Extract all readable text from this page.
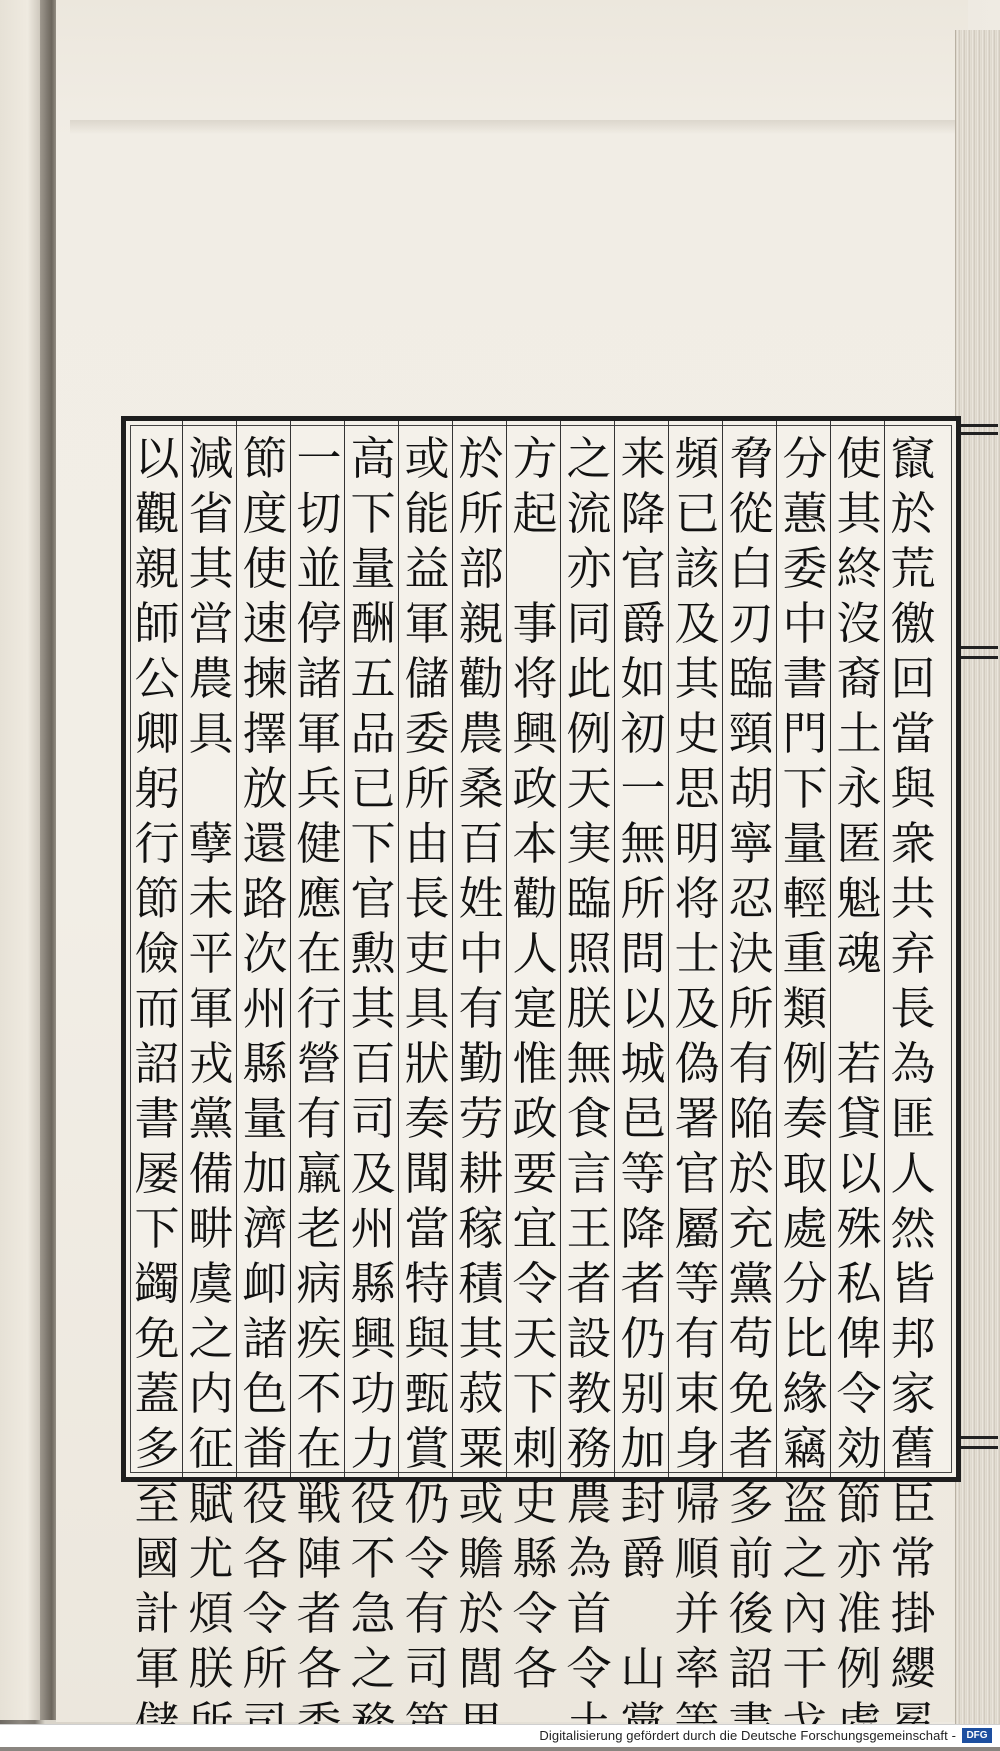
竄
於
荒
徼
回
當
與
衆
共
弃
長
為
匪
人
然
皆
邦
家
舊
臣
常
掛
纓
使
其
終
沒
裔
土
永
匿
魁
魂

若
貸
以
殊
私
俾
令
効
節
亦
准
例
分
蕙
委
中
書
門
下
量
輕
重
類
例
奏
取
處
分
比
緣
竊
盗
之
內
干
脅
從
白
刃
臨
頸
胡
寧
忍
決
所
有
陥
於
充
黨
苟
免
者
多
前
後
詔
頻
已
該
及
其
史
思
明
将
士
及
偽
署
官
屬
等
有
束
身
帰
順
并
率
来
降
官
爵
如
初
一
無
所
問
以
城
邑
等
降
者
仍
别
加
封
爵

山
之
流
亦
同
此
例
天
実
臨
照
朕
無
食
言
王
者
設
教
務
農
為
首
令
方
起

事
将
興
政
本
勸
人
寔
惟
政
要
宜
令
天
下
刺
史
縣
令
各
於
所
部
親
勸
農
桑
百
姓
中
有
勤
劳
耕
稼
積
其
菽
粟
或
贍
於
閭
或
能
益
軍
儲
委
所
由
長
吏
具
狀
奏
聞
當
特
與
甄
賞
仍
令
有
司
高
下
量
酬
五
品
已
下
官
勲
其
百
司
及
州
縣
興
功
力
役
不
急
之
一
切
並
停
諸
軍
兵
健
應
在
行
營
有
羸
老
病
疾
不
在
戦
陣
者
各
節
度
使
速
揀
擇
放
還
路
次
州
縣
量
加
濟
卹
諸
色
畨
役
各
令
所
減
省
其
営
農
具

孽
未
平
軍
戎
黨
備
畊
虞
之
内
征
賦
尤
煩
朕
以
觀
親
師
公
卿
躬
行
節
儉
而
詔
書
屡
下
蠲
免
蓋
多
至
國
計
軍
Digitalisierung gefördert durch die Deutsche Forschungsgemeinschaft -	DFG
